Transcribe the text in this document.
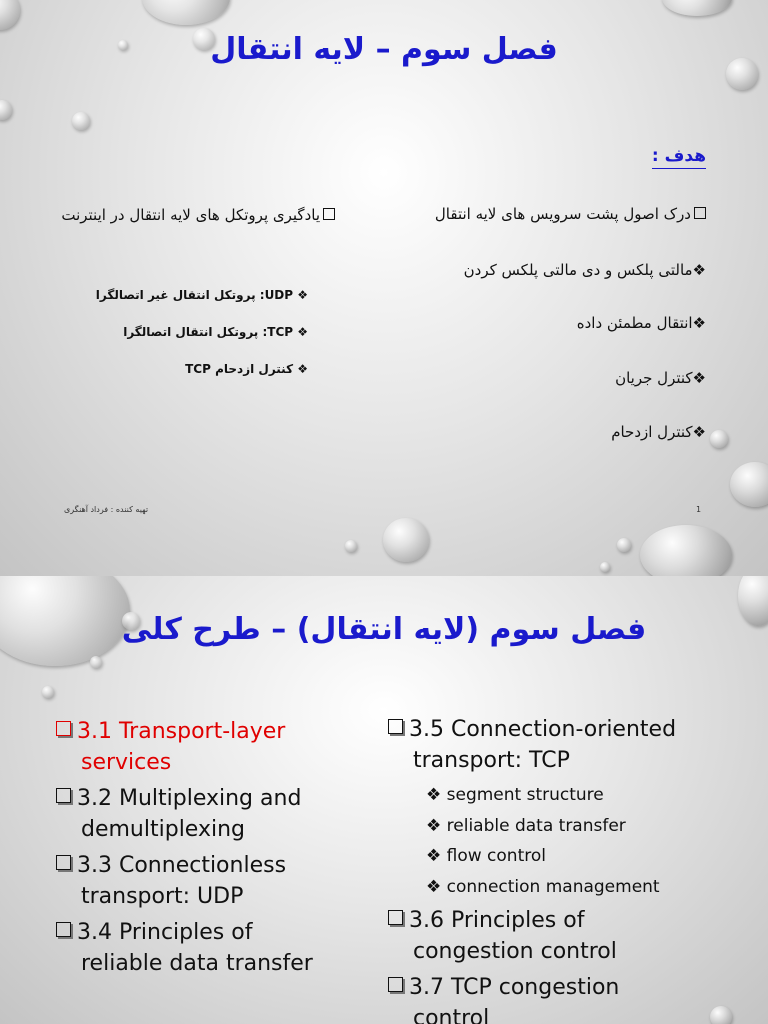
فصل سوم – لایه انتقال
هدف :
درک اصول پشت سرویس های لایه انتقال
❖مالتی پلکس و دی مالتی پلکس کردن
❖انتقال مطمئن داده
❖کنترل جریان
❖کنترل ازدحام
یادگیری پروتکل های لایه انتقال در اینترنت
❖ UDP: پروتکل انتقال غیر اتصالگرا
❖ TCP: پروتکل انتقال اتصالگرا
❖ کنترل ازدحام TCP
تهیه کننده : فرداد آهنگری	1
فصل سوم (لایه انتقال) – طرح کلی
3.1 Transport-layer
services
3.2 Multiplexing and
demultiplexing
3.3 Connectionless
transport: UDP
3.4 Principles of
reliable data transfer
3.5 Connection-oriented
transport: TCP
❖ segment structure
❖ reliable data transfer
❖ flow control
❖ connection management
3.6 Principles of
congestion control
3.7 TCP congestion
control
